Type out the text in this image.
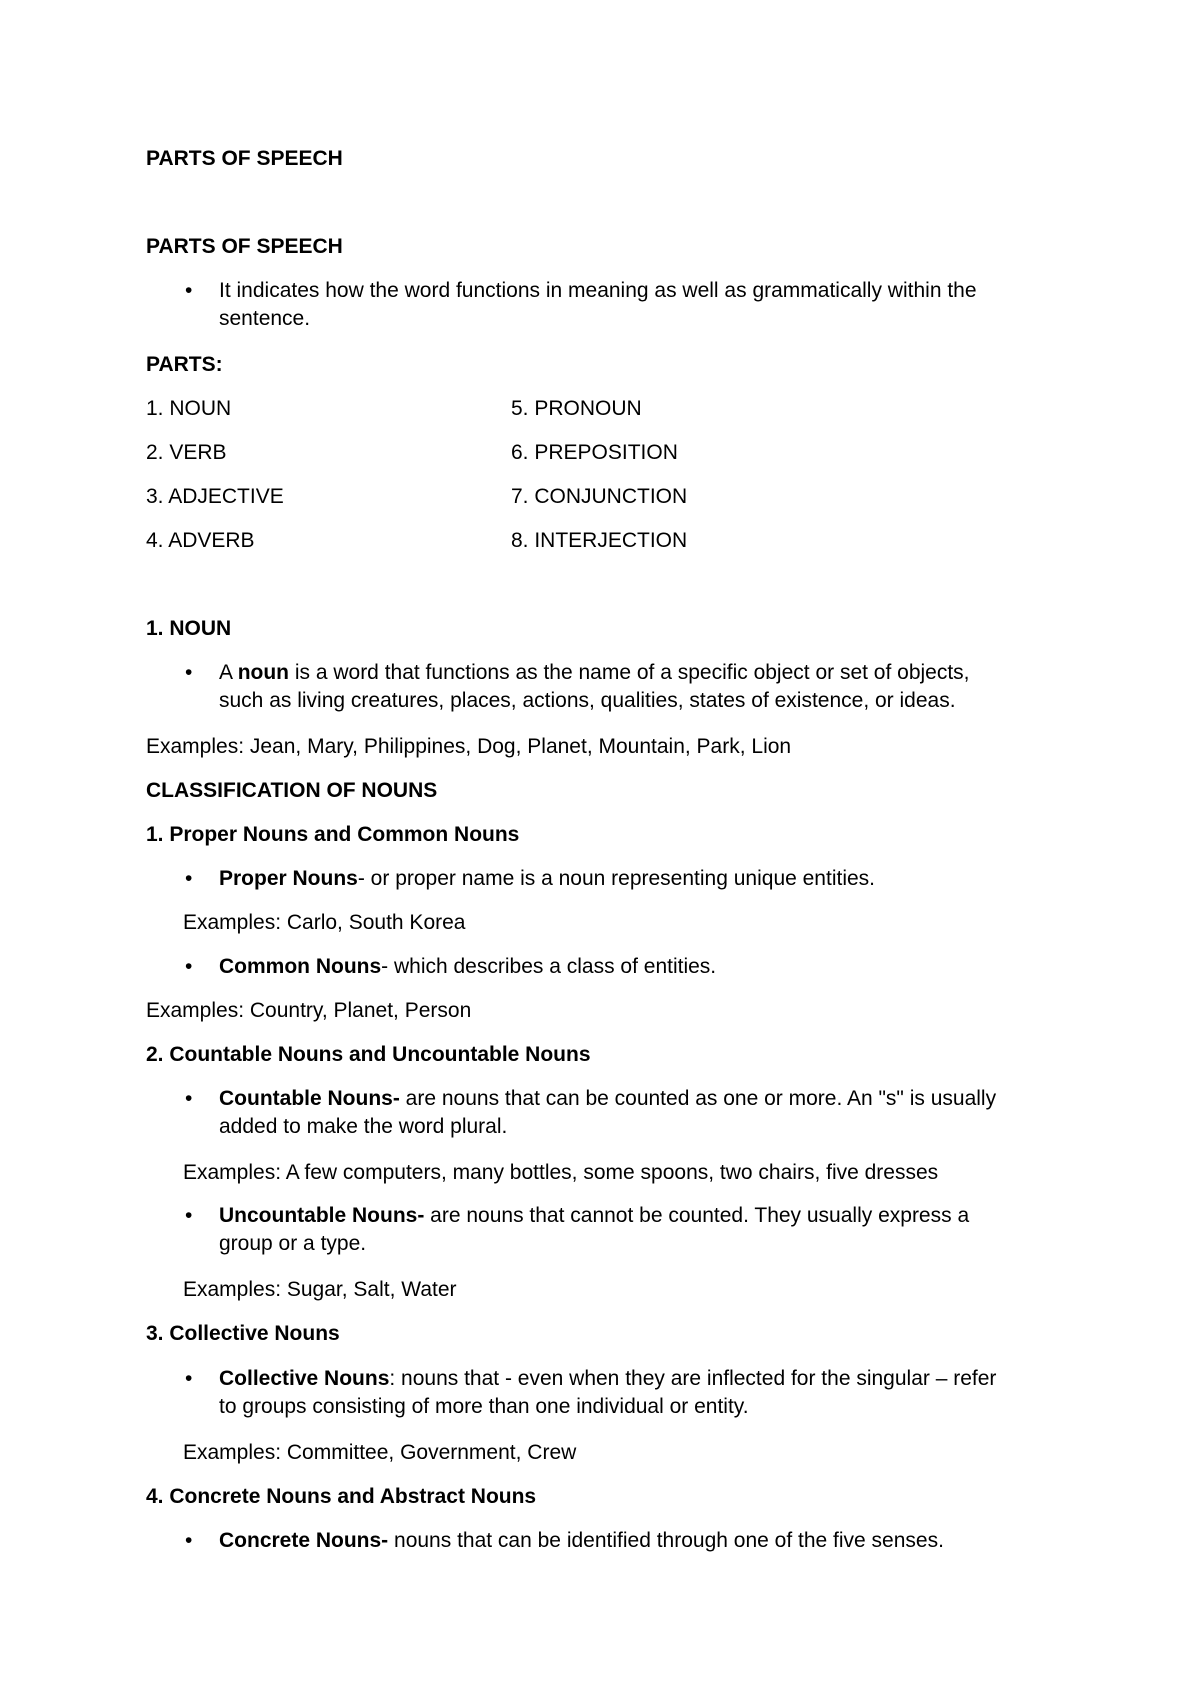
PARTS OF SPEECH
PARTS OF SPEECH
• It indicates how the word functions in meaning as well as grammatically within the
sentence.
PARTS:
1. NOUN
2. VERB
3. ADJECTIVE
4. ADVERB
5. PRONOUN
6. PREPOSITION
7. CONJUNCTION
8. INTERJECTION
1. NOUN
• A noun is a word that functions as the name of a specific object or set of objects,
such as living creatures, places, actions, qualities, states of existence, or ideas.
Examples: Jean, Mary, Philippines, Dog, Planet, Mountain, Park, Lion
CLASSIFICATION OF NOUNS
1. Proper Nouns and Common Nouns
• Proper Nouns- or proper name is a noun representing unique entities.
Examples: Carlo, South Korea
• Common Nouns- which describes a class of entities.
Examples: Country, Planet, Person
2. Countable Nouns and Uncountable Nouns
• Countable Nouns- are nouns that can be counted as one or more. An "s" is usually
added to make the word plural.
Examples: A few computers, many bottles, some spoons, two chairs, five dresses
• Uncountable Nouns- are nouns that cannot be counted. They usually express a
group or a type.
Examples: Sugar, Salt, Water
3. Collective Nouns
• Collective Nouns: nouns that - even when they are inflected for the singular – refer
to groups consisting of more than one individual or entity.
Examples: Committee, Government, Crew
4. Concrete Nouns and Abstract Nouns
• Concrete Nouns- nouns that can be identified through one of the five senses.
